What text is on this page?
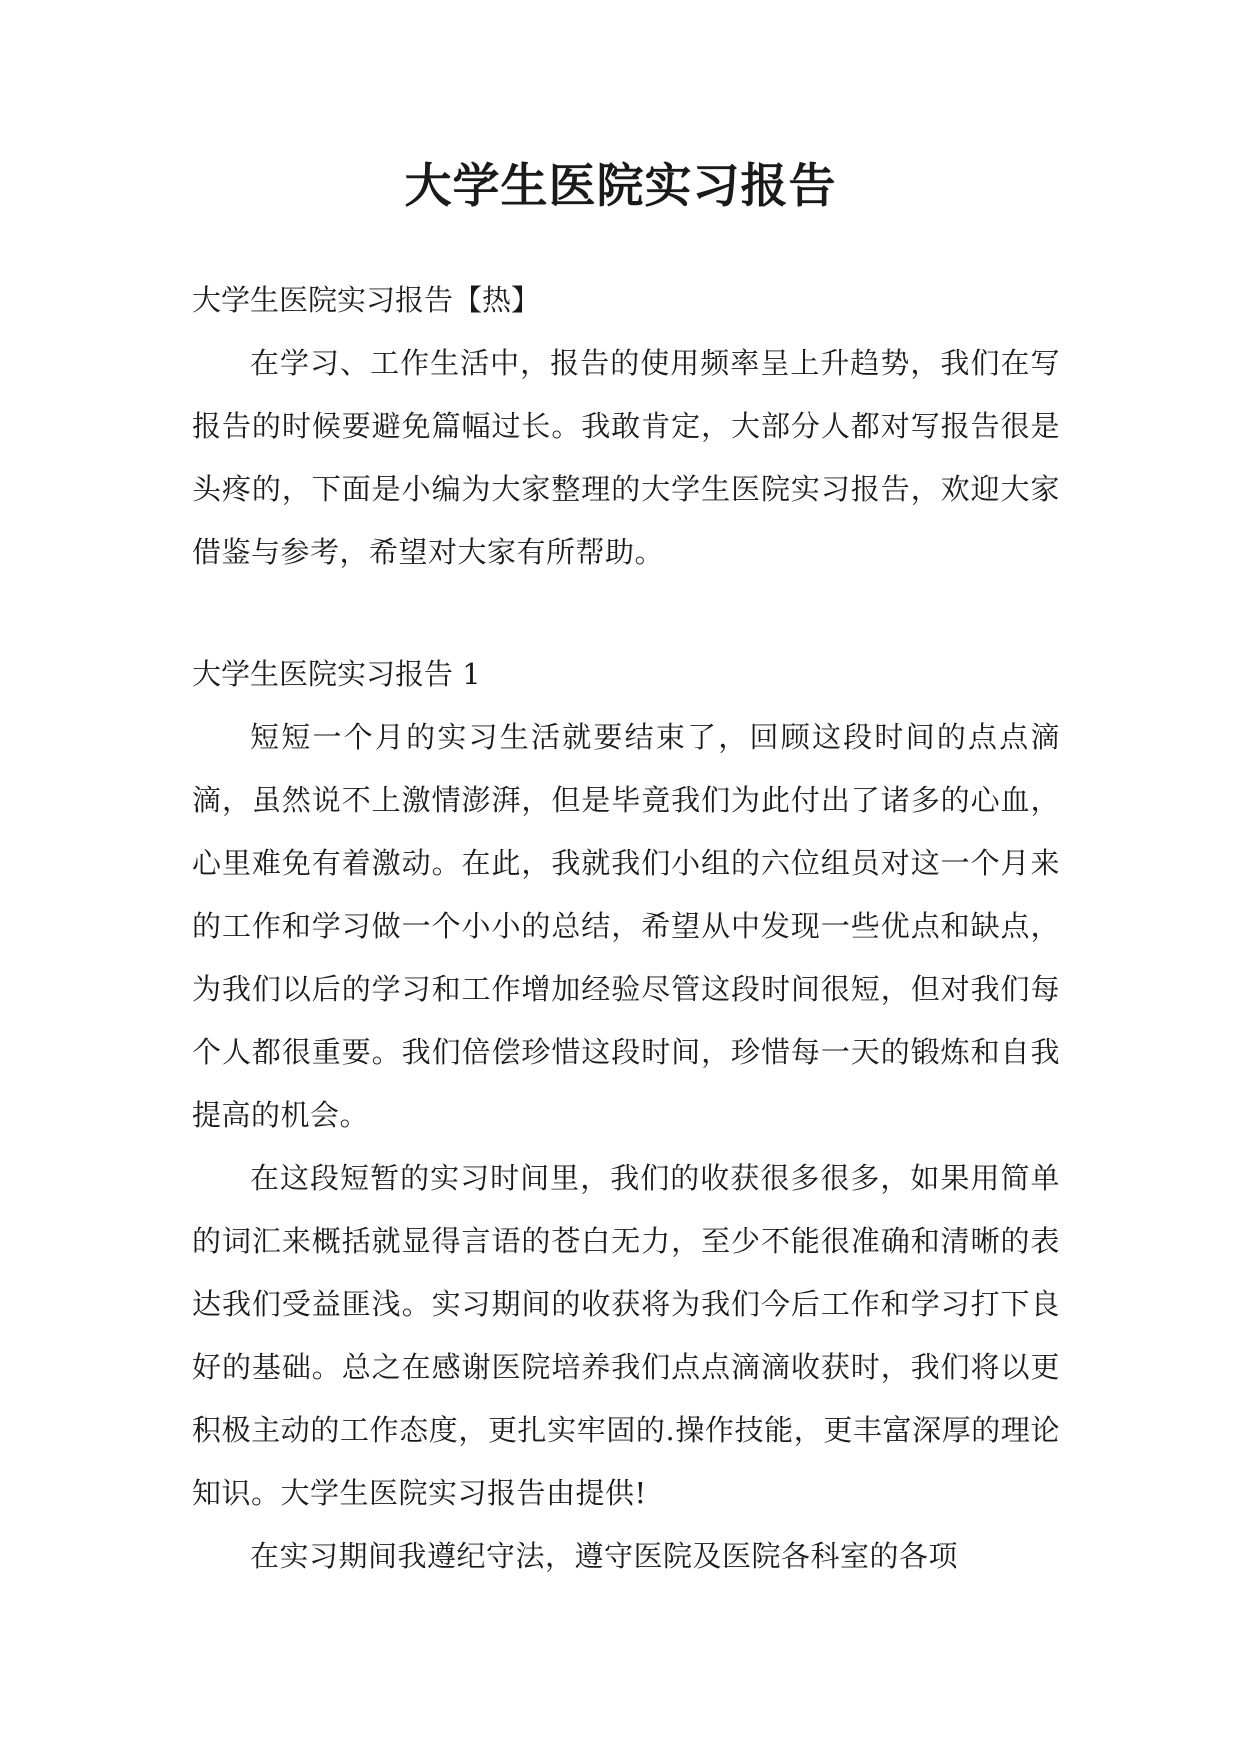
大学生医院实习报告

大学生医院实习报告【热】

在学习、工作生活中，报告的使用频率呈上升趋势，我们在写报告的时候要避免篇幅过长。我敢肯定，大部分人都对写报告很是头疼的，下面是小编为大家整理的大学生医院实习报告，欢迎大家借鉴与参考，希望对大家有所帮助。

大学生医院实习报告 1

短短一个月的实习生活就要结束了，回顾这段时间的点点滴滴，虽然说不上激情澎湃，但是毕竟我们为此付出了诸多的心血，心里难免有着激动。在此，我就我们小组的六位组员对这一个月来的工作和学习做一个小小的总结，希望从中发现一些优点和缺点，为我们以后的学习和工作增加经验尽管这段时间很短，但对我们每个人都很重要。我们倍偿珍惜这段时间，珍惜每一天的锻炼和自我提高的机会。

在这段短暂的实习时间里，我们的收获很多很多，如果用简单的词汇来概括就显得言语的苍白无力，至少不能很准确和清晰的表达我们受益匪浅。实习期间的收获将为我们今后工作和学习打下良好的基础。总之在感谢医院培养我们点点滴滴收获时，我们将以更积极主动的工作态度，更扎实牢固的.操作技能，更丰富深厚的理论知识。大学生医院实习报告由提供!

在实习期间我遵纪守法，遵守医院及医院各科室的各项
